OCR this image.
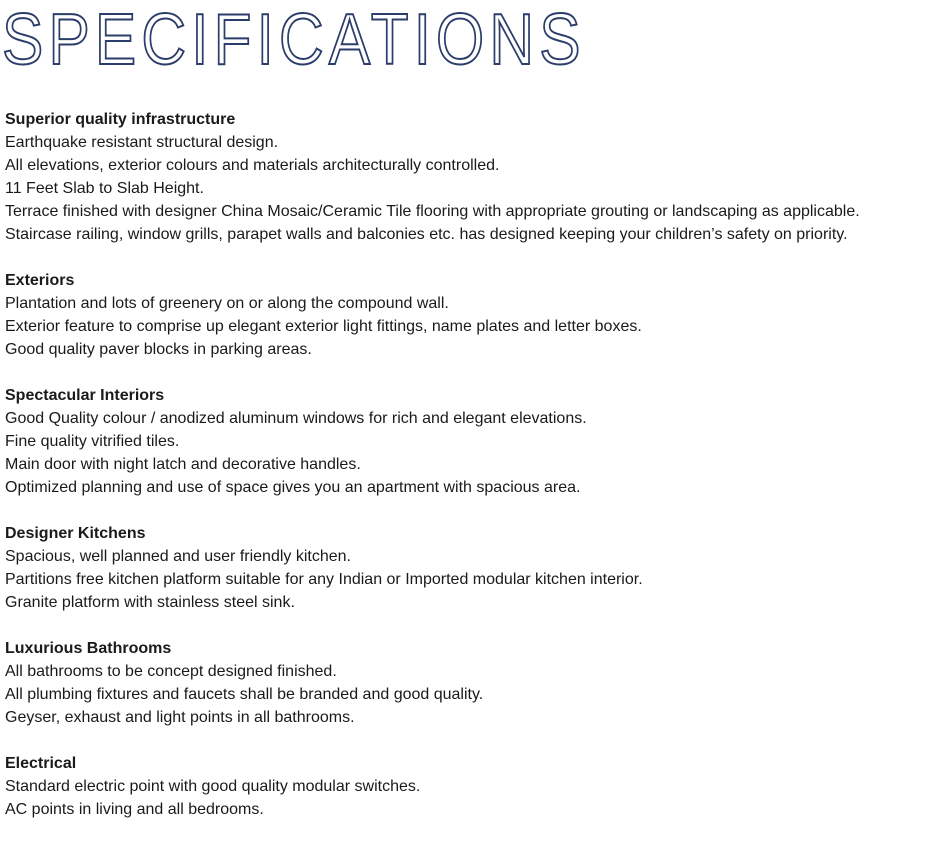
SPECIFICATIONS
Superior quality infrastructure
Earthquake resistant structural design.
All elevations, exterior colours and materials architecturally controlled.
11 Feet Slab to Slab Height.
Terrace finished with designer China Mosaic/Ceramic Tile flooring with appropriate grouting or landscaping as applicable.
Staircase railing, window grills, parapet walls and balconies etc. has designed keeping your children’s safety on priority.
Exteriors
Plantation and lots of greenery on or along the compound wall.
Exterior feature to comprise up elegant exterior light fittings, name plates and letter boxes.
Good quality paver blocks in parking areas.
Spectacular Interiors
Good Quality colour / anodized aluminum windows for rich and elegant elevations.
Fine quality vitrified tiles.
Main door with night latch and decorative handles.
Optimized planning and use of space gives you an apartment with spacious area.
Designer Kitchens
Spacious, well planned and user friendly kitchen.
Partitions free kitchen platform suitable for any Indian or Imported modular kitchen interior.
Granite platform with stainless steel sink.
Luxurious Bathrooms
All bathrooms to be concept designed finished.
All plumbing fixtures and faucets shall be branded and good quality.
Geyser, exhaust and light points in all bathrooms.
Electrical
Standard electric point with good quality modular switches.
AC points in living and all bedrooms.
